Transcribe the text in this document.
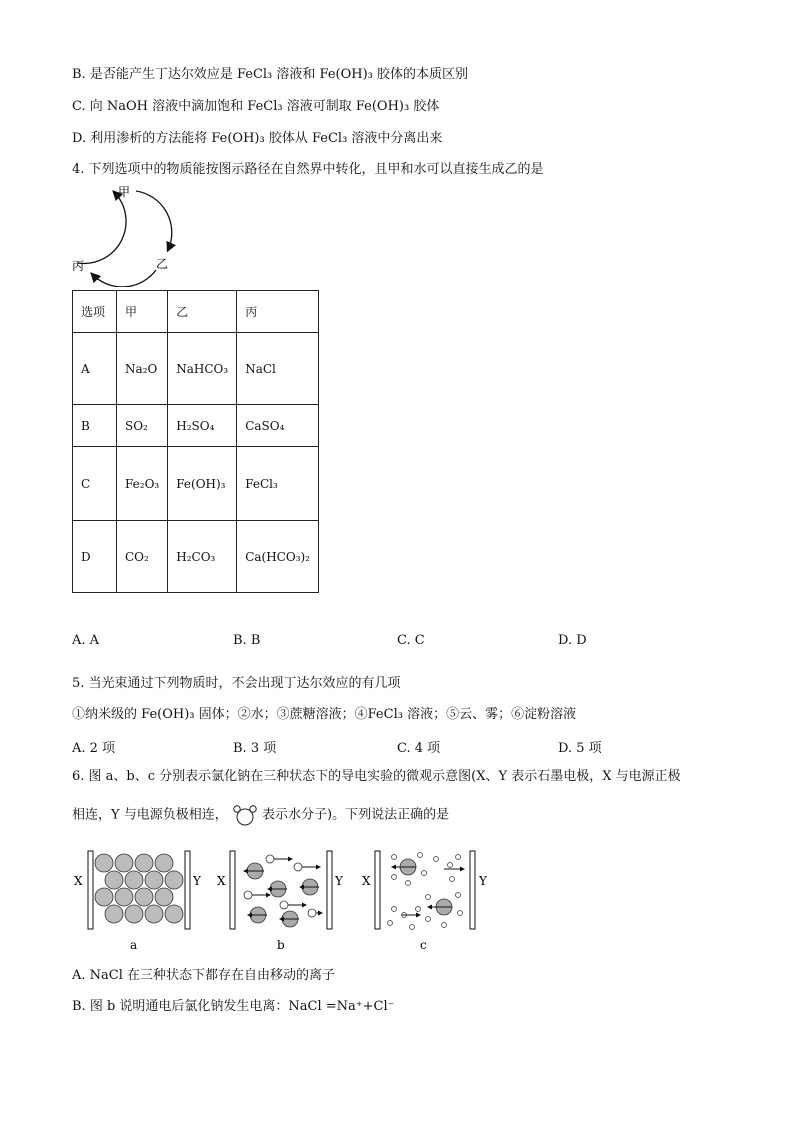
B. 是否能产生丁达尔效应是 FeCl₃ 溶液和 Fe(OH)₃ 胶体的本质区别
C. 向 NaOH 溶液中滴加饱和 FeCl₃ 溶液可制取 Fe(OH)₃ 胶体
D. 利用渗析的方法能将 Fe(OH)₃ 胶体从 FeCl₃ 溶液中分离出来
4. 下列选项中的物质能按图示路径在自然界中转化，且甲和水可以直接生成乙的是
甲
乙
丙
选项	甲	乙	丙
A	Na₂O	NaHCO₃	NaCl
B	SO₂	H₂SO₄	CaSO₄
C	Fe₂O₃	Fe(OH)₃	FeCl₃
D	CO₂	H₂CO₃	Ca(HCO₃)₂
A. A	B. B	C. C	D. D
5. 当光束通过下列物质时，不会出现丁达尔效应的有几项
①纳米级的 Fe(OH)₃ 固体；②水；③蔗糖溶液；④FeCl₃ 溶液；⑤云、雾；⑥淀粉溶液
A. 2 项	B. 3 项	C. 4 项	D. 5 项
6. 图 a、b、c 分别表示氯化钠在三种状态下的导电实验的微观示意图(X、Y 表示石墨电极，X 与电源正极
相连，Y 与电源负极相连，	表示水分子)。下列说法正确的是
X	Y
a
X	Y
b
X	Y
c
A. NaCl 在三种状态下都存在自由移动的离子
B. 图 b 说明通电后氯化钠发生电离：NaCl =Na⁺+Cl⁻
